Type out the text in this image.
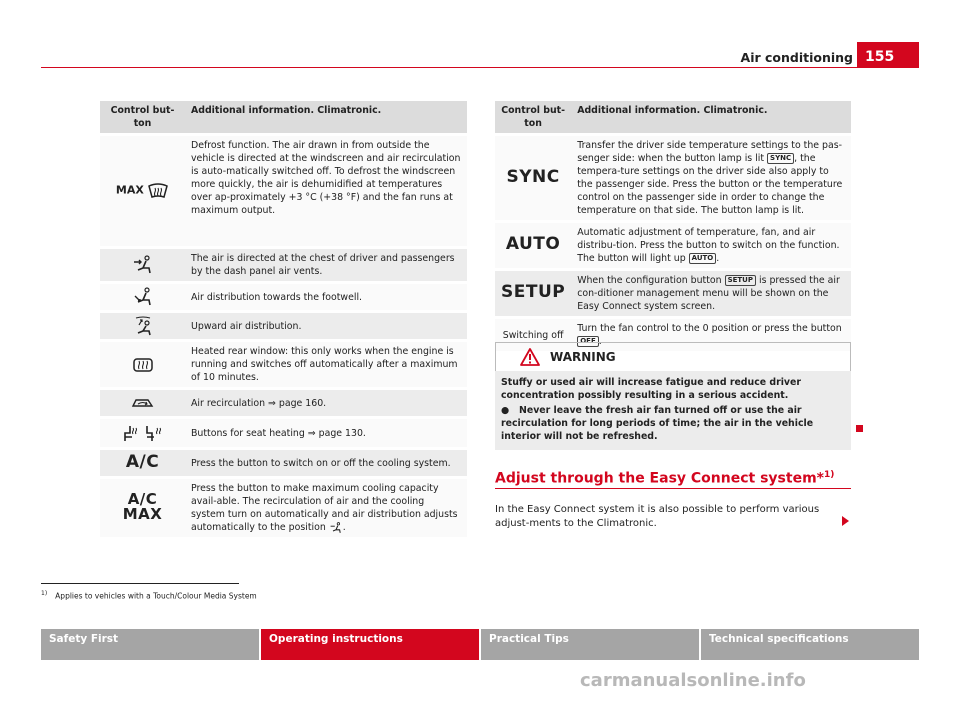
Air conditioning 155
Control but-
ton	Additional information. Climatronic.
MAX	Defrost function. The air drawn in from outside the vehicle is directed at the windscreen and air recirculation is auto-matically switched off. To defrost the windscreen more quickly, the air is dehumidified at temperatures over ap-proximately +3 °C (+38 °F) and the fan runs at maximum output.
	The air is directed at the chest of driver and passengers by the dash panel air vents.
	Air distribution towards the footwell.
	Upward air distribution.
	Heated rear window: this only works when the engine is running and switches off automatically after a maximum of 10 minutes.
	Air recirculation ⇒ page 160.
	Buttons for seat heating ⇒ page 130.
A/C	Press the button to switch on or off the cooling system.
A/C MAX	Press the button to make maximum cooling capacity avail-able. The recirculation of air and the cooling system turn on automatically and air distribution adjusts automatically to the position .
Control but-
ton	Additional information. Climatronic.
SYNC	Transfer the driver side temperature settings to the pas-senger side: when the button lamp is lit SYNC , the tempera-ture settings on the driver side also apply to the passenger side. Press the button or the temperature control on the passenger side in order to change the temperature on that side. The button lamp is lit.
AUTO	Automatic adjustment of temperature, fan, and air distribu-tion. Press the button to switch on the function. The button will light up AUTO .
SETUP	When the configuration button SETUP is pressed the air con-ditioner management menu will be shown on the Easy Connect system screen.
Switching off	Turn the fan control to the 0 position or press the button OFF .
WARNING

Stuffy or used air will increase fatigue and reduce driver concentration possibly resulting in a serious accident.

●   Never leave the fresh air fan turned off or use the air recirculation for long periods of time; the air in the vehicle interior will not be refreshed.

Adjust through the Easy Connect system*$^{1)}$
In the Easy Connect system it is also possible to perform various adjust-ments to the Climatronic.
$^{1)}$ Applies to vehicles with a Touch/Colour Media System
Safety First	Operating instructions	Practical Tips	Technical specifications
carmanualsonline.info
